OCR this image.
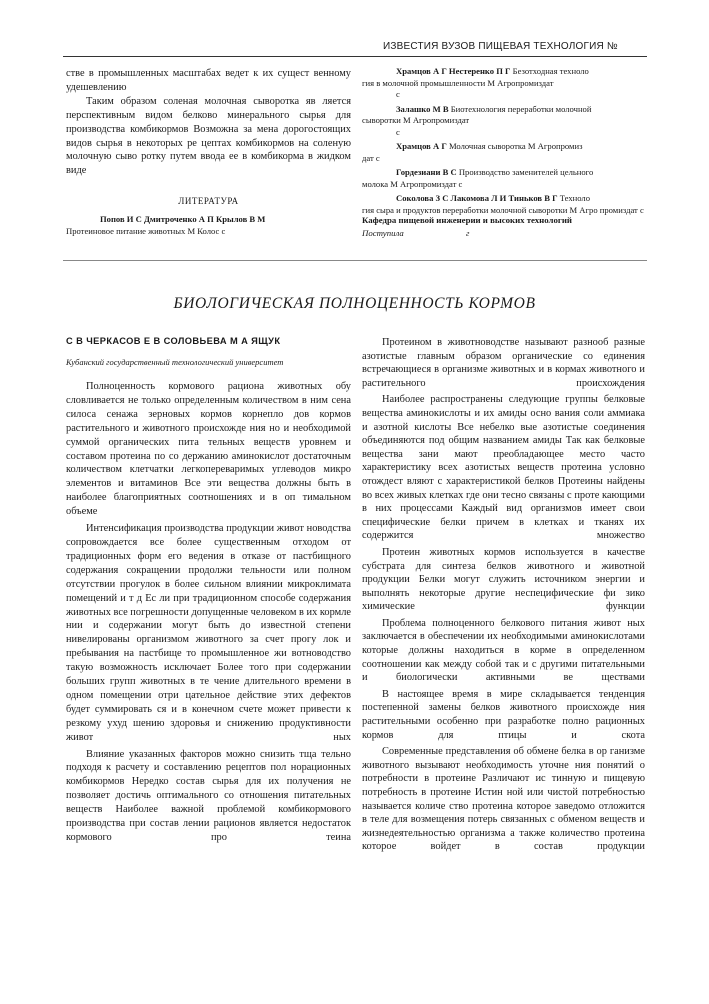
ИЗВЕСТИЯ ВУЗОВ ПИЩЕВАЯ ТЕХНОЛОГИЯ №

стве в промышленных масштабах ведет к их сущест венному удешевлению

Таким образом соленая молочная сыворотка яв ляется перспективным видом белково минерального сырья для производства комбикормов Возможна за мена дорогостоящих видов сырья в некоторых ре цептах комбикормов на соленую молочную сыво ротку путем ввода ее в комбикорма в жидком виде

ЛИТЕРАТУРА
Попов И С Дмитроченко А П Крылов В М
Протеиновое питание животных М Колос с

Храмцов А Г Нестеренко П Г Безотходная техноло
гия в молочной промышленности М Агропромиздат
с

Залашко М В Биотехнология переработки молочной
сыворотки М Агропромиздат
с

Храмцов А Г Молочная сыворотка М Агропромиз
дат с

Гордезиани В С Производство заменителей цельного
молока М Агропромиздат с

Соколова З С Лакомова Л И Тиньков В Г Техноло
гия сыра и продуктов переработки молочной сыворотки М Агро промиздат с

Кафедра пищевой инженерии и высоких технологий
Поступила	г
БИОЛОГИЧЕСКАЯ ПОЛНОЦЕННОСТЬ КОРМОВ
С В ЧЕРКАСОВ Е В СОЛОВЬЕВА М А ЯЩУК
Кубанский государственный технологический университет

Полноценность кормового рациона животных обу словливается не только определенным количеством в ним сена силоса сенажа зерновых кормов корнепло дов кормов растительного и животного происхожде ния но и необходимой суммой органических пита тельных веществ уровнем и составом протеина по со держанию аминокислот достаточным количеством клетчатки легкопереваримых углеводов микро элементов и витаминов Все эти вещества должны быть в наиболее благоприятных соотношениях и в оп тимальном объеме

Интенсификация производства продукции живот новодства сопровождается все более существенным отходом от традиционных форм его ведения в отказе от пастбищного содержания сокращении продолжи тельности или полном отсутствии прогулок в более сильном влиянии микроклимата помещений и т д Ес ли при традиционном способе содержания животных все погрешности допущенные человеком в их кормле нии и содержании могут быть до известной степени нивелированы организмом животного за счет прогу лок и пребывания на пастбище то промышленное жи вотноводство такую возможность исключает Более того при содержании больших групп животных в те чение длительного времени в одном помещении отри цательное действие этих дефектов будет суммировать ся и в конечном счете может привести к резкому ухуд шению здоровья и снижению продуктивности живот ных

Влияние указанных факторов можно снизить тща тельно подходя к расчету и составлению рецептов пол норационных комбикормов Нередко состав сырья для их получения не позволяет достичь оптимального со отношения питательных веществ Наиболее важной проблемой комбикормового производства при состав лении рационов является недостаток кормового про теина

Протеином в животноводстве называют разнооб разные азотистые главным образом органические со единения встречающиеся в организме животных и в кормах животного и растительного происхождения

Наиболее распространены следующие группы белковые вещества аминокислоты и их амиды осно вания соли аммиака и азотной кислоты Все небелко вые азотистые соединения объединяются под общим названием амиды Так как белковые вещества зани мают преобладающее место часто характеристику всех азотистых веществ протеина условно отождест вляют с характеристикой белков Протеины найдены во всех живых клетках где они тесно связаны с проте кающими в них процессами Каждый вид организмов имеет свои специфические белки причем в клетках и тканях их содержится множество

Протеин животных кормов используется в качестве субстрата для синтеза белков животного и животной продукции Белки могут служить источником энергии и выполнять некоторые другие неспецифические фи зико химические функции

Проблема полноценного белкового питания живот ных заключается в обеспечении их необходимыми аминокислотами которые должны находиться в корме в определенном соотношении как между собой так и с другими питательными и биологически активными ве ществами

В настоящее время в мире складывается тенденция постепенной замены белков животного происхожде ния растительными особенно при разработке полно рационных кормов для птицы и скота

Современные представления об обмене белка в ор ганизме животного вызывают необходимость уточне ния понятий о потребности в протеине Различают ис тинную и пищевую потребность в протеине Истин ной или чистой потребностью называется количе ство протеина которое заведомо отложится в теле для возмещения потерь связанных с обменом веществ и жизнедеятельностью организма а также количество протеина которое войдет в состав продукции
